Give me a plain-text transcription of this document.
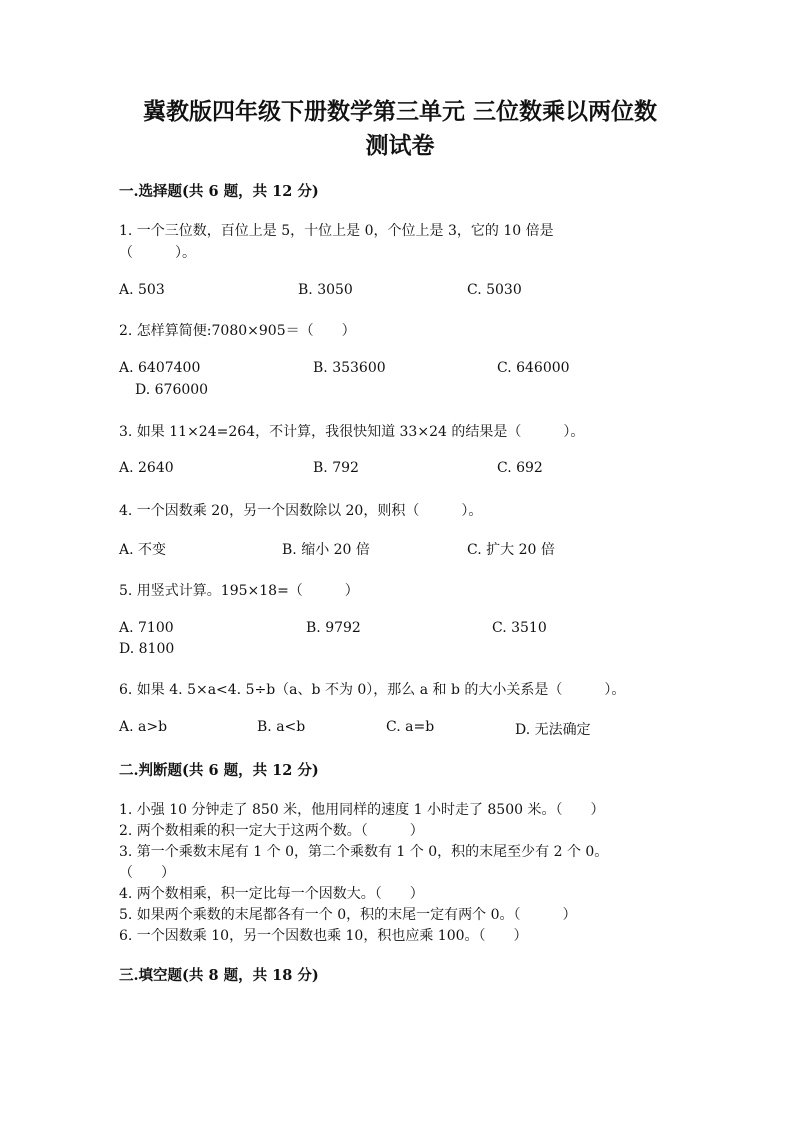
冀教版四年级下册数学第三单元 三位数乘以两位数
测试卷
一.选择题(共 6 题，共 12 分)
1. 一个三位数，百位上是 5，十位上是 0，个位上是 3，它的 10 倍是
（　　　）。
A. 503	B. 3050	C. 5030
2. 怎样算简便:7080×905＝（　　）
A. 6407400	B. 353600	C. 646000
D. 676000
3. 如果 11×24=264，不计算，我很快知道 33×24 的结果是（　　　）。
A. 2640	B. 792	C. 692
4. 一个因数乘 20，另一个因数除以 20，则积（　　　）。
A. 不变	B. 缩小 20 倍	C. 扩大 20 倍
5. 用竖式计算。195×18=（　　　）
A. 7100	B. 9792	C. 3510
D. 8100
6. 如果 4. 5×a<4. 5÷b（a、b 不为 0），那么 a 和 b 的大小关系是（　　　）。
A. a>b	B. a<b	C. a=b	D. 无法确定
二.判断题(共 6 题，共 12 分)
1. 小强 10 分钟走了 850 米，他用同样的速度 1 小时走了 8500 米。（　　）
2. 两个数相乘的积一定大于这两个数。（　　　）
3. 第一个乘数末尾有 1 个 0，第二个乘数有 1 个 0，积的末尾至少有 2 个 0。
（　　）
4. 两个数相乘，积一定比每一个因数大。（　　）
5. 如果两个乘数的末尾都各有一个 0，积的末尾一定有两个 0。（　　　）
6. 一个因数乘 10，另一个因数也乘 10，积也应乘 100。（　　）
三.填空题(共 8 题，共 18 分)
